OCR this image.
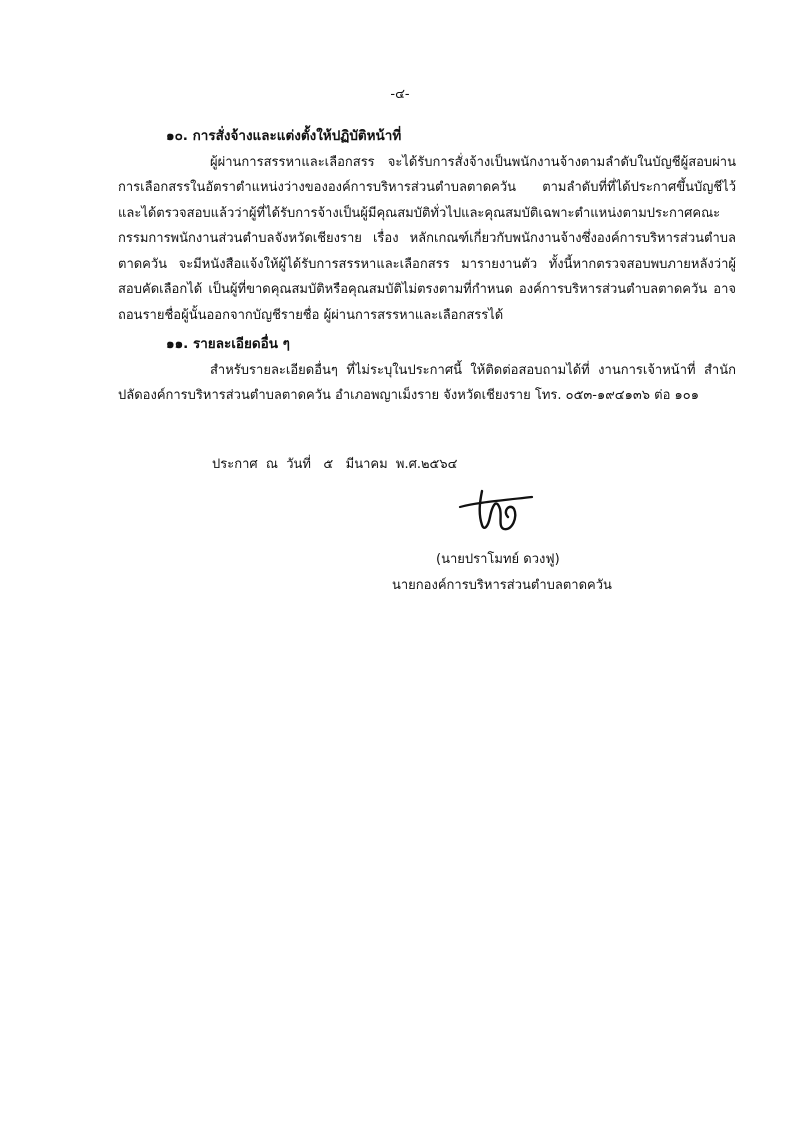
-๔-
๑๐. การสั่งจ้างและแต่งตั้งให้ปฏิบัติหน้าที่

ผู้ผ่านการสรรหาและเลือกสรร จะได้รับการสั่งจ้างเป็นพนักงานจ้างตามลำดับในบัญชีผู้สอบผ่านการเลือกสรรในอัตราตำแหน่งว่างขององค์การบริหารส่วนตำบลตาดควัน ตามลำดับที่ที่ได้ประกาศขึ้นบัญชีไว้ และได้ตรวจสอบแล้วว่าผู้ที่ได้รับการจ้างเป็นผู้มีคุณสมบัติทั่วไปและคุณสมบัติเฉพาะตำแหน่งตามประกาศคณะกรรมการพนักงานส่วนตำบลจังหวัดเชียงราย เรื่อง หลักเกณฑ์เกี่ยวกับพนักงานจ้างซึ่งองค์การบริหารส่วนตำบลตาดควัน จะมีหนังสือแจ้งให้ผู้ได้รับการสรรหาและเลือกสรร มารายงานตัว ทั้งนี้หากตรวจสอบพบภายหลังว่าผู้สอบคัดเลือกได้ เป็นผู้ที่ขาดคุณสมบัติหรือคุณสมบัติไม่ตรงตามที่กำหนด องค์การบริหารส่วนตำบลตาดควัน อาจถอนรายชื่อผู้นั้นออกจากบัญชีรายชื่อ ผู้ผ่านการสรรหาและเลือกสรรได้

๑๑. รายละเอียดอื่น ๆ

สำหรับรายละเอียดอื่นๆ ที่ไม่ระบุในประกาศนี้ ให้ติดต่อสอบถามได้ที่ งานการเจ้าหน้าที่ สำนักปลัดองค์การบริหารส่วนตำบลตาดควัน อำเภอพญาเม็งราย จังหวัดเชียงราย โทร. ๐๕๓-๑๙๔๑๓๖ ต่อ ๑๐๑

ประกาศ  ณ  วันที่   ๕   มีนาคม  พ.ศ.๒๕๖๔
(นายปราโมทย์ ดวงฟู)
นายกองค์การบริหารส่วนตำบลตาดควัน
